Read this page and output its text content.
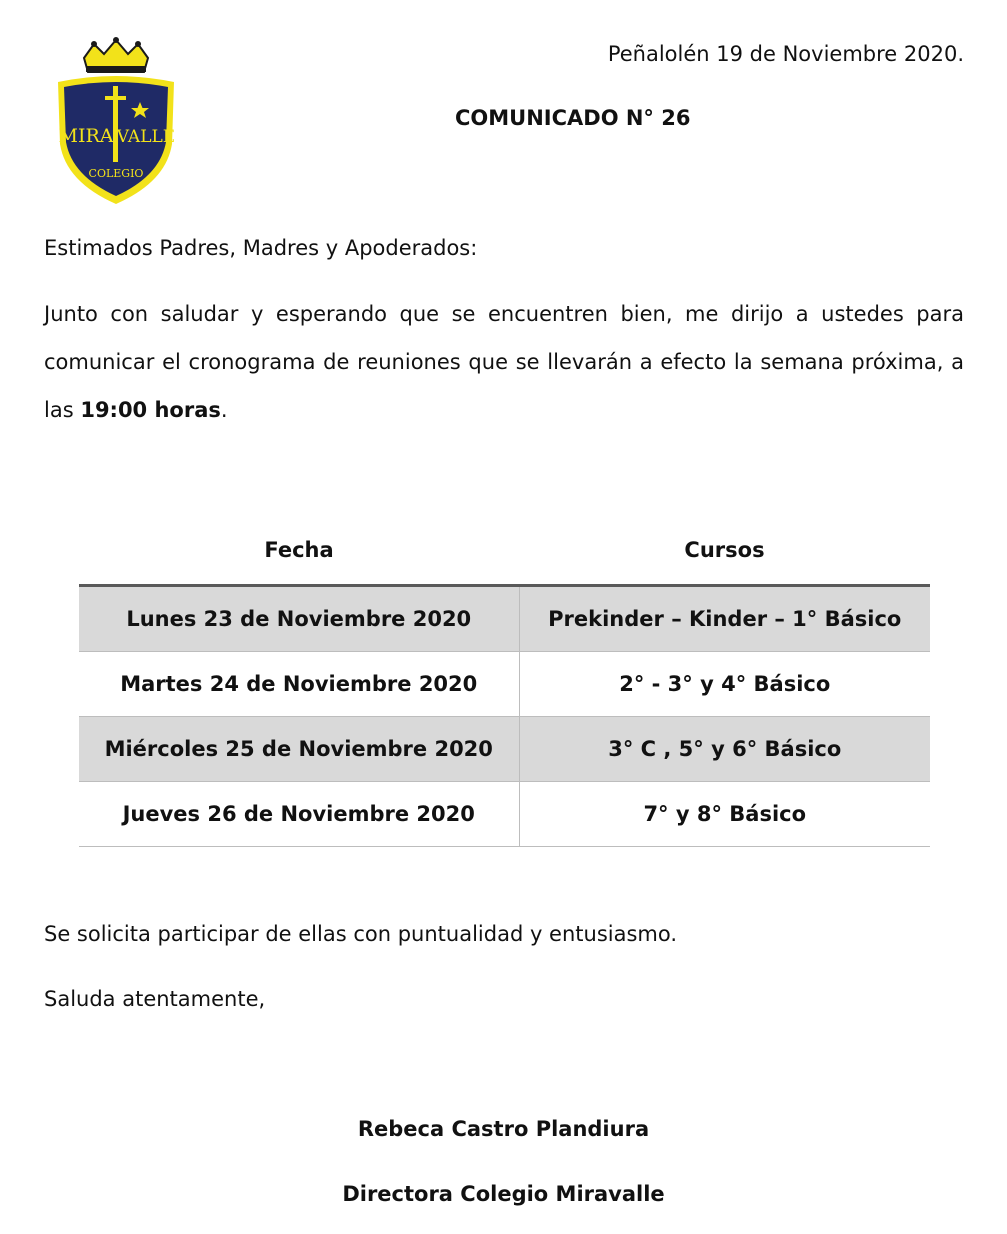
MIRA VALLE
COLEGIO
Peñalolén 19 de Noviembre 2020.
COMUNICADO N° 26
Estimados Padres, Madres y Apoderados:

Junto con saludar y esperando que se encuentren bien, me dirijo a ustedes para comunicar el cronograma de reuniones que se llevarán a efecto la semana próxima, a las 19:00 horas.

Fecha	Cursos
Lunes 23 de Noviembre 2020	Prekinder – Kinder – 1° Básico
Martes 24 de Noviembre 2020	2° - 3° y 4° Básico
Miércoles 25 de Noviembre 2020	3° C , 5° y 6° Básico
Jueves 26 de Noviembre 2020	7° y 8° Básico
Se solicita participar de ellas con puntualidad y entusiasmo.
Saluda atentamente,
Rebeca Castro Plandiura
Directora Colegio Miravalle
